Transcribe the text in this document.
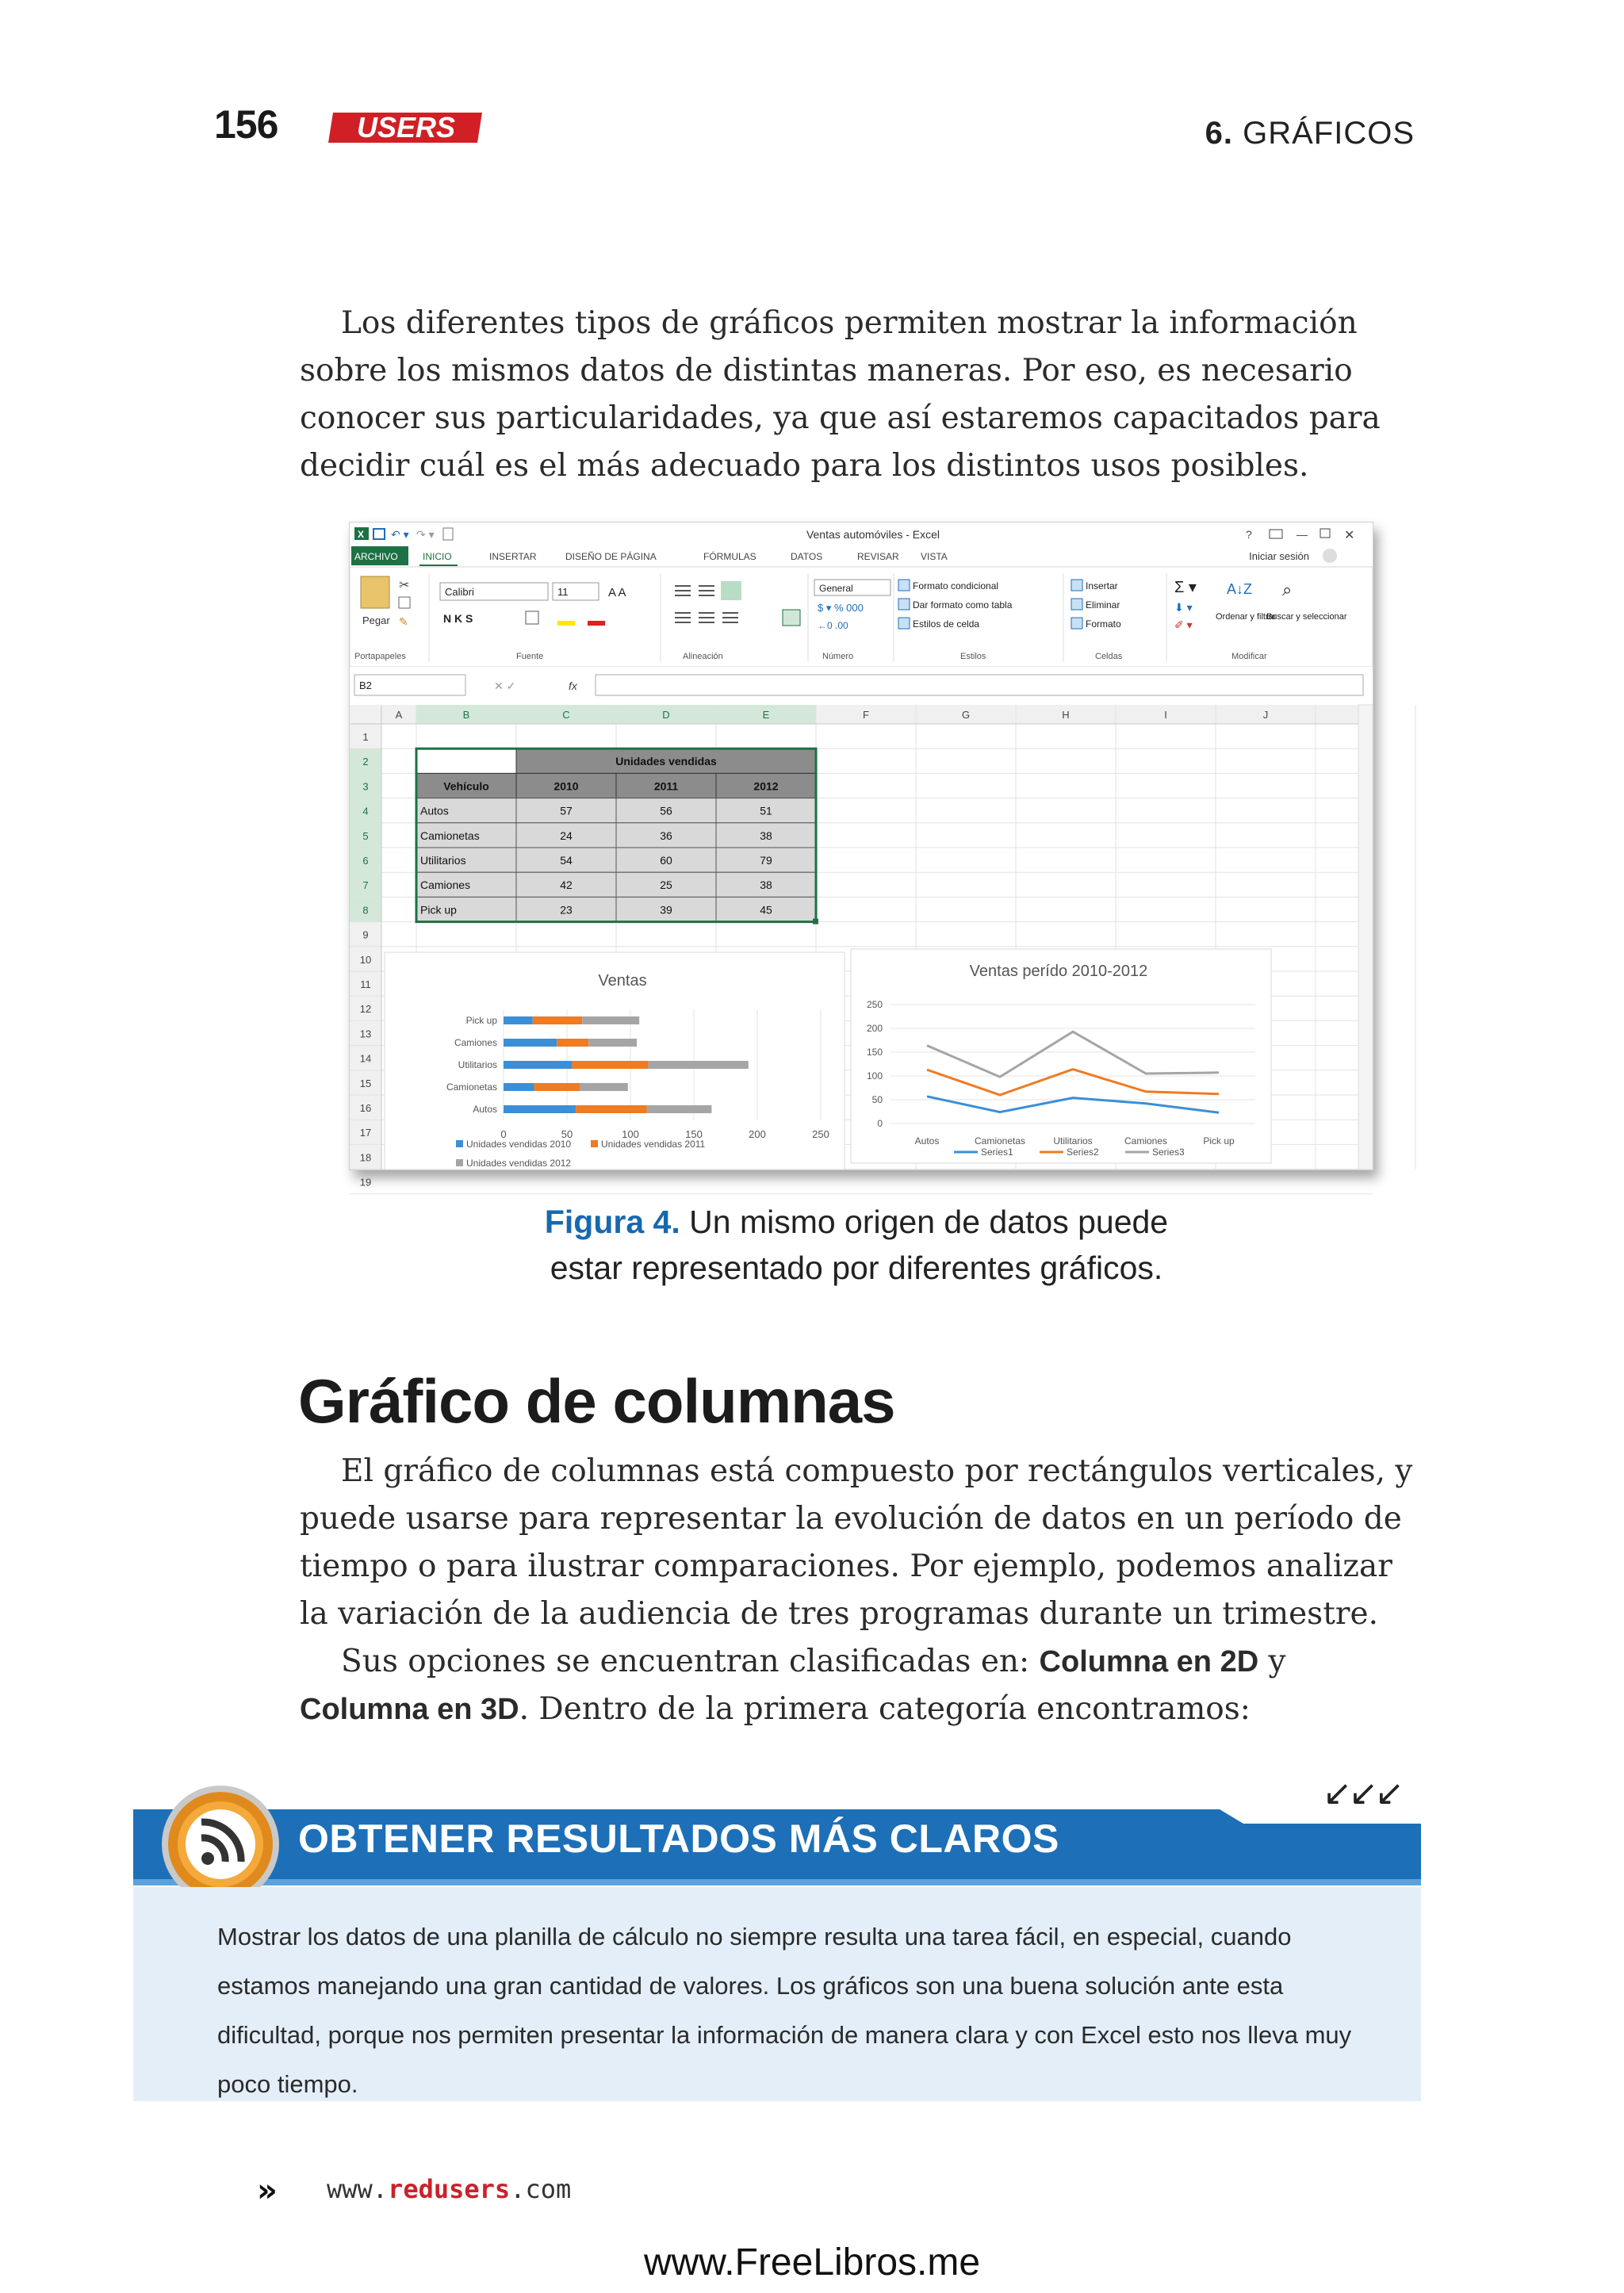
156	USERS	6. GRÁFICOS

Los diferentes tipos de gráficos permiten mostrar la información sobre los mismos datos de distintas maneras. Por eso, es necesario conocer sus particularidades, ya que así estaremos capacitados para decidir cuál es el más adecuado para los distintos usos posibles.

X ↶ ▾ ↷ ▾	Ventas automóviles - Excel	?	—	✕
ARCHIVO	INICIO	INSERTAR	DISEÑO DE PÁGINA	FÓRMULAS	DATOS	REVISAR VISTA	Iniciar sesión
Pegar
✂
✎
Calibri	11	A A
N K S
General
$ ▾ % 000
←0 .00
Formato condicional
Dar formato como tabla
Estilos de celda
Insertar
Eliminar
Formato
Σ ▾
⬇ ▾
✐ ▾
A↓Z
Ordenar y filtrar
⌕
Buscar y seleccionar
Portapapeles	Fuente	Alineación	Número	Estilos	Celdas	Modificar
B2	✕ ✓	fx
A	B	C	D	E	F	G	H	I	J
1
2
3
4
5
6
7
8
9
10
11
12
13
14
15
16
17
18
19
Unidades vendidas
Vehículo	2010	2011	2012
Autos	57	56	51
Camionetas	24	36	38
Utilitarios	54	60	79
Camiones	42	25	38
Pick up	23	39	45
Ventas
0	50	100	150	200	250
Autos
Camionetas
Utilitarios
Camiones
Pick up
Unidades vendidas 2010	Unidades vendidas 2011
Unidades vendidas 2012
Ventas perído 2010-2012
0
50
100
150
200
250
Autos	Camionetas	Utilitarios	Camiones	Pick up
Series1	Series2	Series3
Figura 4. Un mismo origen de datos puede
estar representado por diferentes gráficos.
Gráfico de columnas

El gráfico de columnas está compuesto por rectángulos verticales, y puede usarse para representar la evolución de datos en un período de tiempo o para ilustrar comparaciones. Por ejemplo, podemos analizar la variación de la audiencia de tres programas durante un trimestre.

Sus opciones se encuentran clasificadas en: Columna en 2D y Columna en 3D. Dentro de la primera categoría encontramos:

↙↙↙
OBTENER RESULTADOS MÁS CLAROS
Mostrar los datos de una planilla de cálculo no siempre resulta una tarea fácil, en especial, cuando estamos manejando una gran cantidad de valores. Los gráficos son una buena solución ante esta dificultad, porque nos permiten presentar la información de manera clara y con Excel esto nos lleva muy poco tiempo.
» www.redusers.com
www.FreeLibros.me
